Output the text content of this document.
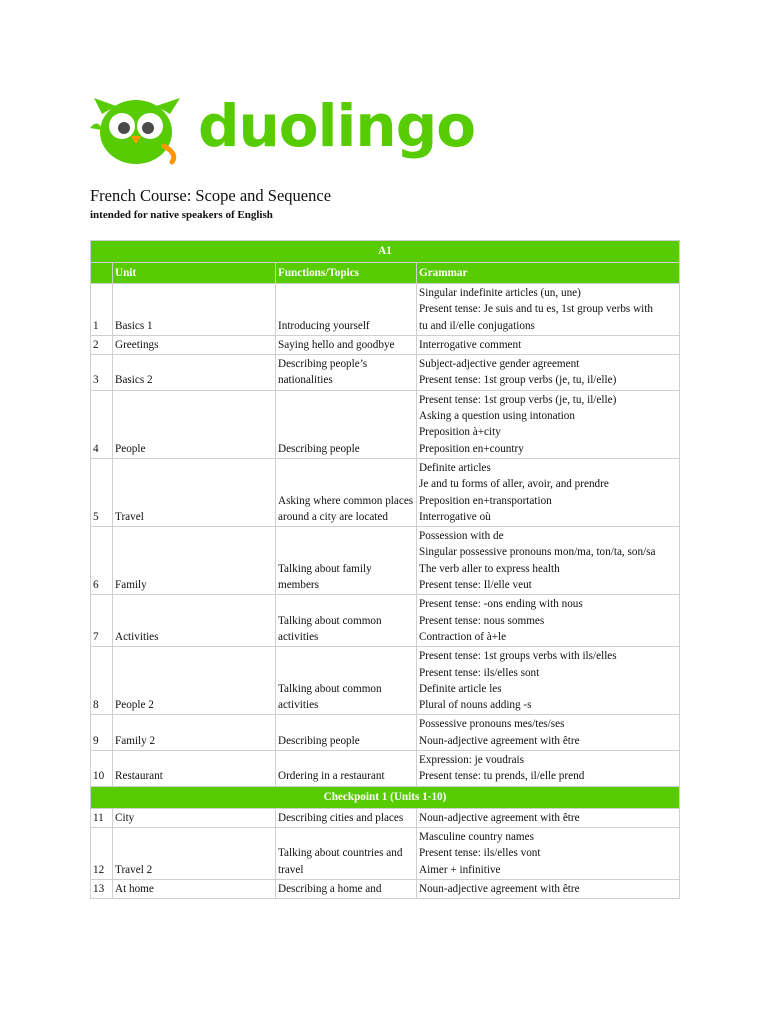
duolingo
French Course: Scope and Sequence
intended for native speakers of English
A1			
	Unit	Functions/Topics	Grammar
1	Basics 1	Introducing yourself	Singular indefinite articles (un, une)
Present tense: Je suis and tu es, 1st group verbs with
tu and il/elle conjugations

2	Greetings	Saying hello and goodbye	Interrogative comment

3	Basics 2	Describing people’s nationalities	Subject-adjective gender agreement
Present tense: 1st group verbs (je, tu, il/elle)

4	People	Describing people	Present tense: 1st group verbs (je, tu, il/elle)
Asking a question using intonation
Preposition à+city
Preposition en+country

5	Travel	Asking where common places around a city are located	Definite articles
Je and tu forms of aller, avoir, and prendre
Preposition en+transportation
Interrogative où

6	Family	Talking about family members	Possession with de
Singular possessive pronouns mon/ma, ton/ta, son/sa
The verb aller to express health
Present tense: Il/elle veut

7	Activities	Talking about common activities	Present tense: -ons ending with nous
Present tense: nous sommes
Contraction of à+le

8	People 2	Talking about common activities	Present tense: 1st groups verbs with ils/elles
Present tense: ils/elles sont
Definite article les
Plural of nouns adding -s

9	Family 2	Describing people	Possessive pronouns mes/tes/ses
Noun-adjective agreement with être

10	Restaurant	Ordering in a restaurant	Expression: je voudrais
Present tense: tu prends, il/elle prend

Checkpoint 1 (Units 1-10)			
11	City	Describing cities and places	Noun-adjective agreement with être

12	Travel 2	Talking about countries and travel	Masculine country names
Present tense: ils/elles vont
Aimer + infinitive

13	At home	Describing a home and	Noun-adjective agreement with être
